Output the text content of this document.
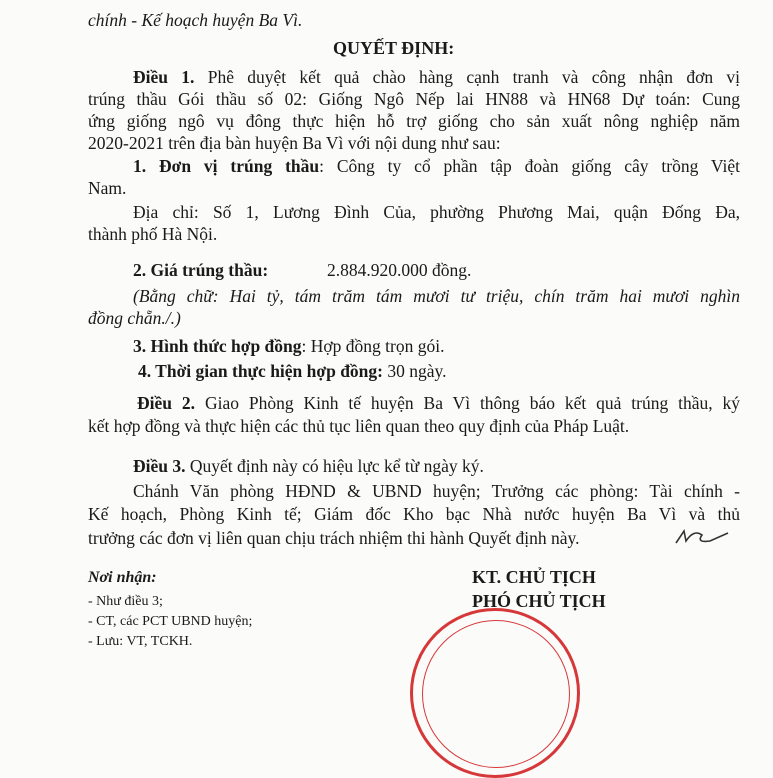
chính - Kế hoạch huyện Ba Vì.
QUYẾT ĐỊNH:
Điều 1. Phê duyệt kết quả chào hàng cạnh tranh và công nhận đơn vị
trúng thầu Gói thầu số 02: Giống Ngô Nếp lai HN88 và HN68 Dự toán: Cung
ứng giống ngô vụ đông thực hiện hỗ trợ giống cho sản xuất nông nghiệp năm
2020-2021 trên địa bàn huyện Ba Vì với nội dung như sau:
1. Đơn vị trúng thầu: Công ty cổ phần tập đoàn giống cây trồng Việt
Nam.
Địa chỉ: Số 1, Lương Đình Của, phường Phương Mai, quận Đống Đa,
thành phố Hà Nội.
2. Giá trúng thầu:	2.884.920.000 đồng.
(Bằng chữ: Hai tỷ, tám trăm tám mươi tư triệu, chín trăm hai mươi nghìn
đồng chẵn./.)
3. Hình thức hợp đồng: Hợp đồng trọn gói.
4. Thời gian thực hiện hợp đồng: 30 ngày.
Điều 2. Giao Phòng Kinh tế huyện Ba Vì thông báo kết quả trúng thầu, ký
kết hợp đồng và thực hiện các thủ tục liên quan theo quy định của Pháp Luật.
Điều 3. Quyết định này có hiệu lực kể từ ngày ký.
Chánh Văn phòng HĐND & UBND huyện; Trưởng các phòng: Tài chính -
Kế hoạch, Phòng Kinh tế; Giám đốc Kho bạc Nhà nước huyện Ba Vì và thủ
trưởng các đơn vị liên quan chịu trách nhiệm thi hành Quyết định này.
Nơi nhận:
- Như điều 3;
- CT, các PCT UBND huyện;
- Lưu: VT, TCKH.
KT. CHỦ TỊCH
PHÓ CHỦ TỊCH
